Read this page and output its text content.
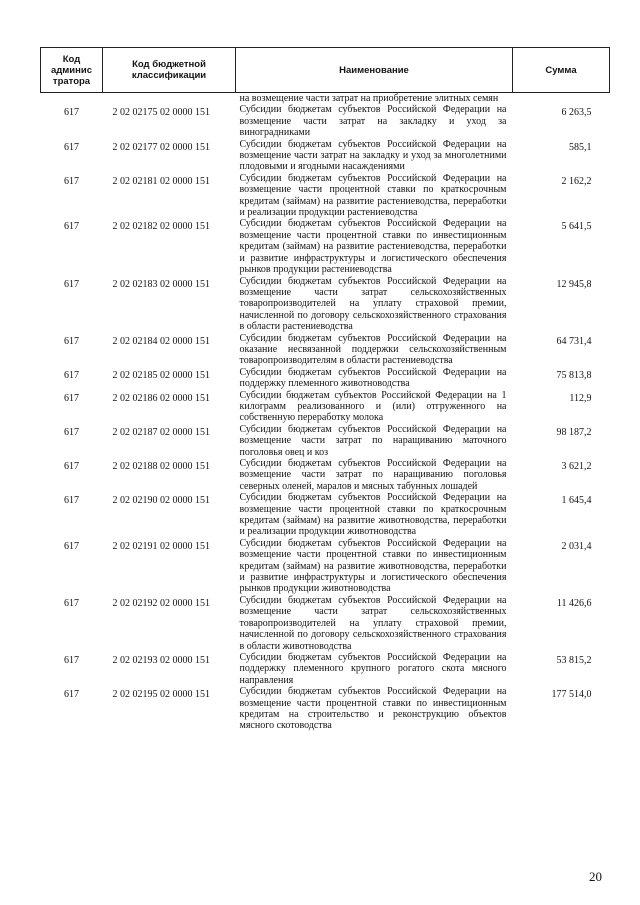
Код админис тратора	Код бюджетной классификации	Наименование	Сумма
		на возмещение части затрат на приобретение элитных семян	
617	2 02 02175 02 0000 151	Субсидии бюджетам субъектов Российской Федерации на возмещение части затрат на закладку и уход за виноградниками	6 263,5
617	2 02 02177 02 0000 151	Субсидии бюджетам субъектов Российской Федерации на возмещение части затрат на закладку и уход за многолетними плодовыми и ягодными насаждениями	585,1
617	2 02 02181 02 0000 151	Субсидии бюджетам субъектов Российской Федерации на возмещение части процентной ставки по краткосрочным кредитам (займам) на развитие растениеводства, переработки и реализации продукции растениеводства	2 162,2
617	2 02 02182 02 0000 151	Субсидии бюджетам субъектов Российской Федерации на возмещение части процентной ставки по инвестиционным кредитам (займам) на развитие растениеводства, переработки и развитие инфраструктуры и логистического обеспечения рынков продукции растениеводства	5 641,5
617	2 02 02183 02 0000 151	Субсидии бюджетам субъектов Российской Федерации на возмещение части затрат сельскохозяйственных товаропроизводителей на уплату страховой премии, начисленной по договору сельскохозяйственного страхования в области растениеводства	12 945,8
617	2 02 02184 02 0000 151	Субсидии бюджетам субъектов Российской Федерации на оказание несвязанной поддержки сельскохозяйственным товаропроизводителям в области растениеводства	64 731,4
617	2 02 02185 02 0000 151	Субсидии бюджетам субъектов Российской Федерации на поддержку племенного животноводства	75 813,8
617	2 02 02186 02 0000 151	Субсидии бюджетам субъектов Российской Федерации на 1 килограмм реализованного и (или) отгруженного на собственную переработку молока	112,9
617	2 02 02187 02 0000 151	Субсидии бюджетам субъектов Российской Федерации на возмещение части затрат по наращиванию маточного поголовья овец и коз	98 187,2
617	2 02 02188 02 0000 151	Субсидии бюджетам субъектов Российской Федерации на возмещение части затрат по наращиванию поголовья северных оленей, маралов и мясных табунных лошадей	3 621,2
617	2 02 02190 02 0000 151	Субсидии бюджетам субъектов Российской Федерации на возмещение части процентной ставки по краткосрочным кредитам (займам) на развитие животноводства, переработки и реализации продукции животноводства	1 645,4
617	2 02 02191 02 0000 151	Субсидии бюджетам субъектов Российской Федерации на возмещение части процентной ставки по инвестиционным кредитам (займам) на развитие животноводства, переработки и развитие инфраструктуры и логистического обеспечения рынков продукции животноводства	2 031,4
617	2 02 02192 02 0000 151	Субсидии бюджетам субъектов Российской Федерации на возмещение части затрат сельскохозяйственных товаропроизводителей на уплату страховой премии, начисленной по договору сельскохозяйственного страхования в области животноводства	11 426,6
617	2 02 02193 02 0000 151	Субсидии бюджетам субъектов Российской Федерации на поддержку племенного крупного рогатого скота мясного направления	53 815,2
617	2 02 02195 02 0000 151	Субсидии бюджетам субъектов Российской Федерации на возмещение части процентной ставки по инвестиционным кредитам на строительство и реконструкцию объектов мясного скотоводства	177 514,0
20
